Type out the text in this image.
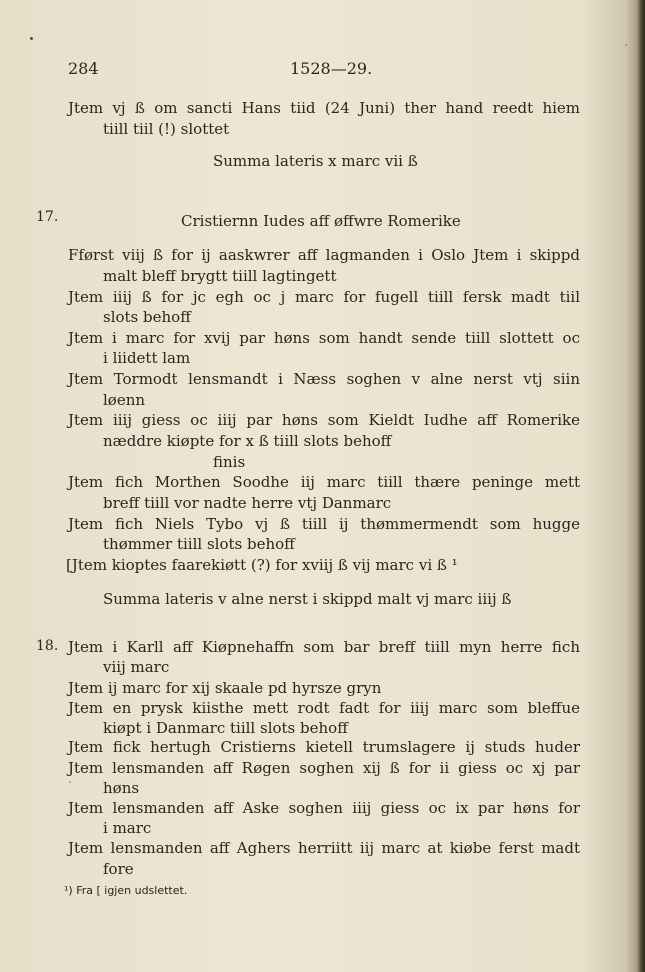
284	1528—29.
Jtem vj ß om sancti Hans tiid (24 Juni) ther hand reedt hiem
tiill tiil (!) slottet
Summa lateris x marc vii ß
17.	Cristiernn Iudes aff øffwre Romerike
Fførst viij ß for ij aaskwrer aff lagmanden i Oslo Jtem i skippd
malt bleff brygtt tiill lagtingett
Jtem iiij ß for jc egh oc j marc for fugell tiill fersk madt tiil
slots behoff
Jtem i marc for xvij par høns som handt sende tiill slottett oc
i liidett lam
Jtem Tormodt lensmandt i Næss soghen v alne nerst vtj siin
løenn
Jtem iiij giess oc iiij par høns som Kieldt Iudhe aff Romerike
næddre kiøpte for x ß tiill slots behoff
finis
Jtem fich Morthen Soodhe iij marc tiill thære peninge mett
breff tiill vor nadte herre vtj Danmarc
Jtem fich Niels Tybo vj ß tiill ij thømmermendt som hugge
thømmer tiill slots behoff
[Jtem kioptes faarekiøtt (?) for xviij ß vij marc vi ß ¹
Summa lateris v alne nerst i skippd malt vj marc iiij ß
18. Jtem i Karll aff Kiøpnehaffn som bar breff tiill myn herre fich
viij marc
Jtem ij marc for xij skaale pd hyrsze gryn
Jtem en prysk kiisthe mett rodt fadt for iiij marc som bleffue
kiøpt i Danmarc tiill slots behoff
Jtem fick hertugh Cristierns kietell trumslagere ij studs huder
Jtem lensmanden aff Røgen soghen xij ß for ii giess oc xj par
høns
Jtem lensmanden aff Aske soghen iiij giess oc ix par høns for
i marc
Jtem lensmanden aff Aghers herriitt iij marc at kiøbe ferst madt
fore
¹) Fra [ igjen udslettet.
